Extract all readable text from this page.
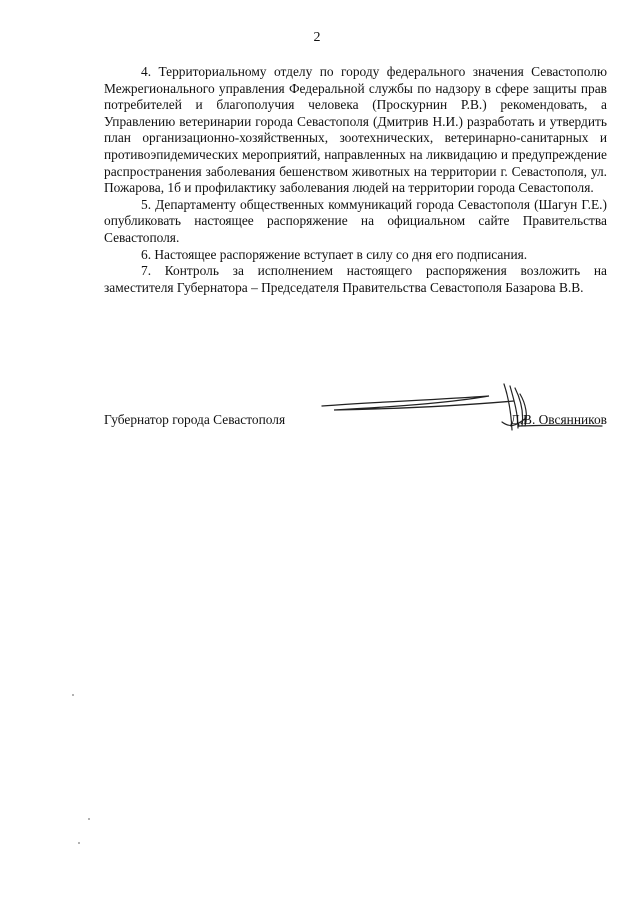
2

4. Территориальному отделу по городу федерального значения Севастополю Межрегионального управления Федеральной службы по надзору в сфере защиты прав потребителей и благополучия человека (Проскурнин Р.В.) рекомендовать, а Управлению ветеринарии города Севастополя (Дмитрив Н.И.) разработать и утвердить план организационно-хозяйственных, зоотехнических, ветеринарно-санитарных и противоэпидемических мероприятий, направленных на ликвидацию и предупреждение распространения заболевания бешенством животных на территории г. Севастополя, ул. Пожарова, 1б и профилактику заболевания людей на территории города Севастополя.

5. Департаменту общественных коммуникаций города Севастополя (Шагун Г.Е.) опубликовать настоящее распоряжение на официальном сайте Правительства Севастополя.

6. Настоящее распоряжение вступает в силу со дня его подписания.

7. Контроль за исполнением настоящего распоряжения возложить на заместителя Губернатора – Председателя Правительства Севастополя Базарова В.В.

Губернатор города Севастополя	Д.В. Овсянников
